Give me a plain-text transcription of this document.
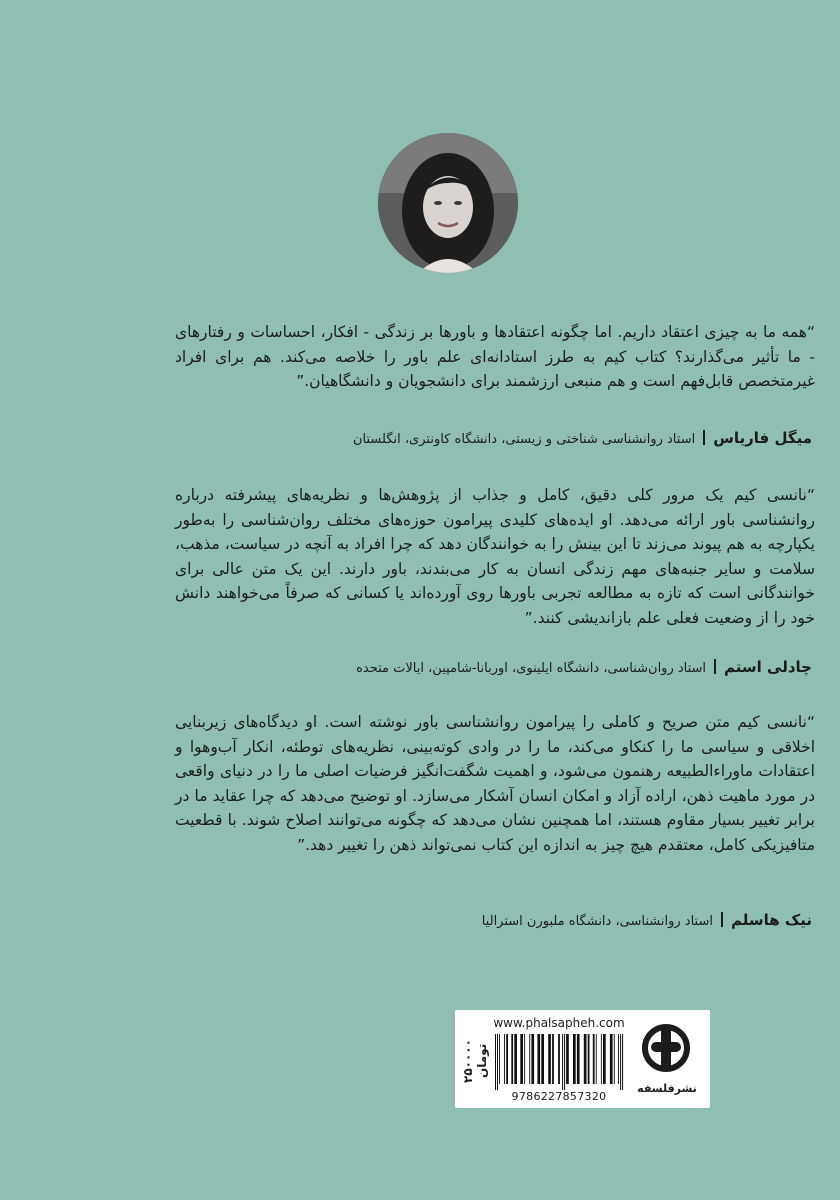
“همه ما به چیزی اعتقاد داریم. اما چگونه اعتقادها و باورها بر زندگی - افکار، احساسات و رفتارهای - ما تأثیر می‌گذارند؟ کتاب کیم به طرز استادانه‌ای علم باور را خلاصه می‌کند. هم برای افراد غیرمتخصص قابل‌فهم است و هم منبعی ارزشمند برای دانشجویان و دانشگاهیان.”

میگل فاریاساستاد روانشناسی شناختی و زیستی، دانشگاه کاونتری، انگلستان

“نانسی کیم یک مرور کلی دقیق، کامل و جذاب از پژوهش‌ها و نظریه‌های پیشرفته درباره روانشناسی باور ارائه می‌دهد. او ایده‌های کلیدی پیرامون حوزه‌های مختلف روان‌شناسی را به‌طور یکپارچه به هم پیوند می‌زند تا این بینش را به خوانندگان دهد که چرا افراد به آنچه در سیاست، مذهب، سلامت و سایر جنبه‌های مهم زندگی انسان به کار می‌بندند، باور دارند. این یک متن عالی برای خوانندگانی است که تازه به مطالعه تجربی باورها روی آورده‌اند یا کسانی که صرفاً می‌خواهند دانش خود را از وضعیت فعلی علم بازاندیشی کنند.”

چادلی استماستاد روان‌شناسی، دانشگاه ایلینوی، اوربانا-شامپین، ایالات متحده

“نانسی کیم متن صریح و کاملی را پیرامون روانشناسی باور نوشته است. او دیدگاه‌های زیربنایی اخلاقی و سیاسی ما را کنکاو می‌کند، ما را در وادی کوته‌بینی، نظریه‌های توطئه، انکار آب‌وهوا و اعتقادات ماوراءالطبیعه رهنمون می‌شود، و اهمیت شگفت‌انگیز فرضیات اصلی ما را در دنیای واقعی در مورد ماهیت ذهن، اراده آزاد و امکان انسان آشکار می‌سازد. او توضیح می‌دهد که چرا عقاید ما در برابر تغییر بسیار مقاوم هستند، اما همچنین نشان می‌دهد که چگونه می‌توانند اصلاح شوند. با قطعیت متافیزیکی کامل، معتقدم هیچ چیز به اندازه این کتاب نمی‌تواند ذهن را تغییر دهد.”

نیک هاسلماستاد روانشناسی، دانشگاه ملبورن استرالیا
۲۵۰۰۰۰ تومان
www.phalsapheh.com
9786227857320
نشرفلسفه
